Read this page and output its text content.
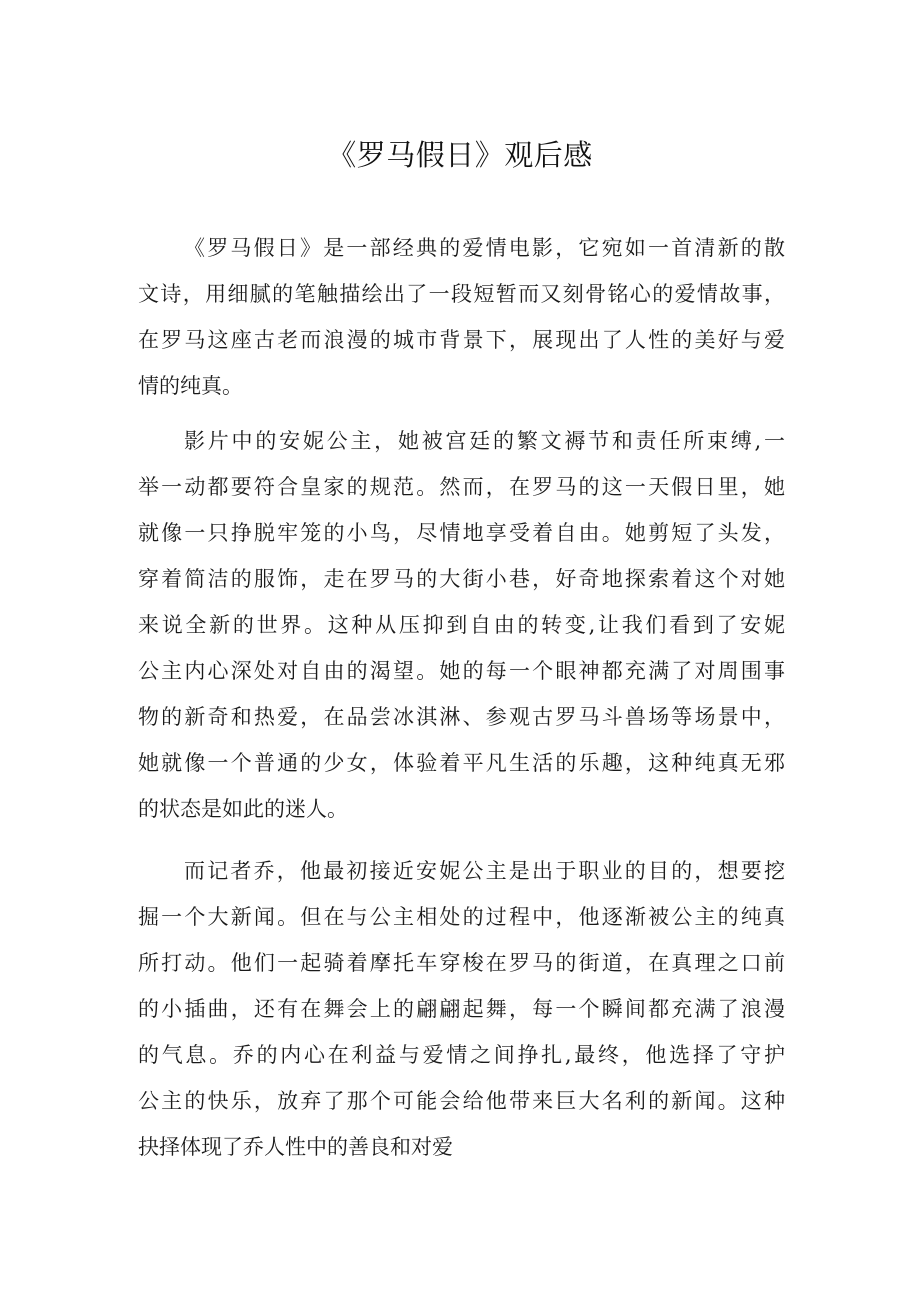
《罗马假日》观后感
《罗马假日》是一部经典的爱情电影，它宛如一首清新的散
文诗，用细腻的笔触描绘出了一段短暂而又刻骨铭心的爱情故事，
在罗马这座古老而浪漫的城市背景下，展现出了人性的美好与爱
情的纯真。
影片中的安妮公主，她被宫廷的繁文褥节和责任所束缚,一
举一动都要符合皇家的规范。然而，在罗马的这一天假日里，她
就像一只挣脱牢笼的小鸟，尽情地享受着自由。她剪短了头发，
穿着简洁的服饰，走在罗马的大街小巷，好奇地探索着这个对她
来说全新的世界。这种从压抑到自由的转变,让我们看到了安妮
公主内心深处对自由的渴望。她的每一个眼神都充满了对周围事
物的新奇和热爱，在品尝冰淇淋、参观古罗马斗兽场等场景中，
她就像一个普通的少女，体验着平凡生活的乐趣，这种纯真无邪
的状态是如此的迷人。
而记者乔，他最初接近安妮公主是出于职业的目的，想要挖
掘一个大新闻。但在与公主相处的过程中，他逐渐被公主的纯真
所打动。他们一起骑着摩托车穿梭在罗马的街道，在真理之口前
的小插曲，还有在舞会上的翩翩起舞，每一个瞬间都充满了浪漫
的气息。乔的内心在利益与爱情之间挣扎,最终，他选择了守护
公主的快乐，放弃了那个可能会给他带来巨大名利的新闻。这种
抉择体现了乔人性中的善良和对爱
